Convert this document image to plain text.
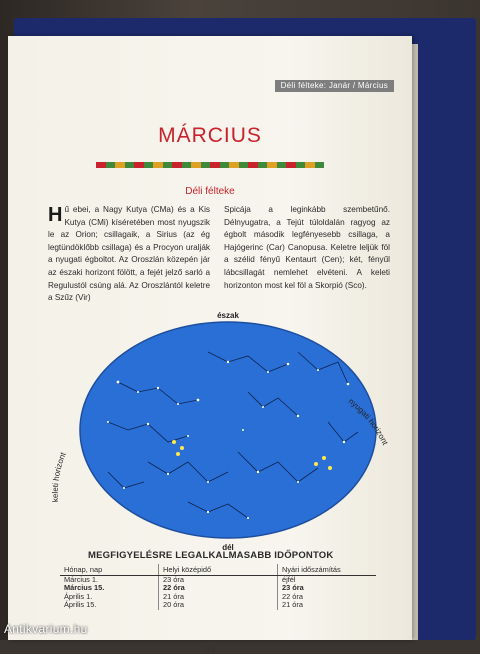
Déli félteke: Janár / Március
MÁRCIUS
Déli félteke
Hű ebei, a Nagy Kutya (CMa) és a Kis Kutya (CMi) kíséretében most nyugszik le az Orion; csillagaik, a Sirius (az ég legtündöklőbb csillaga) és a Procyon uralják a nyugati égboltot. Az Oroszlán közepén jár az északi horizont fölött, a fejét jelző sarló a Regulustól csúng alá. Az Oroszlántól keletre a Szűz (Vir)
Spicája a leginkább szembetűnő. Délnyugatra, a Tejút túloldalán ragyog az égbolt második legfényesebb csillaga, a Hajógerinc (Car) Canopusa. Keletre leljük föl a szélid fényű Kentaurt (Cen); két, fényűl lábcsillagát nemlehet elvéteni. A keleti horizonton most kel föl a Skorpió (Sco).
észak
dél
keleti horizont
nyugati horizont
MEGFIGYELÉSRE LEGALKALMASABB IDŐPONTOK
Hónap, nap	Helyi középidő	Nyári időszámítás
Március 1.	23 óra	éjfél
Március 15.	22 óra	23 óra
Április 1.	21 óra	22 óra
Április 15.	20 óra	21 óra
31
Antikvarium.hu
